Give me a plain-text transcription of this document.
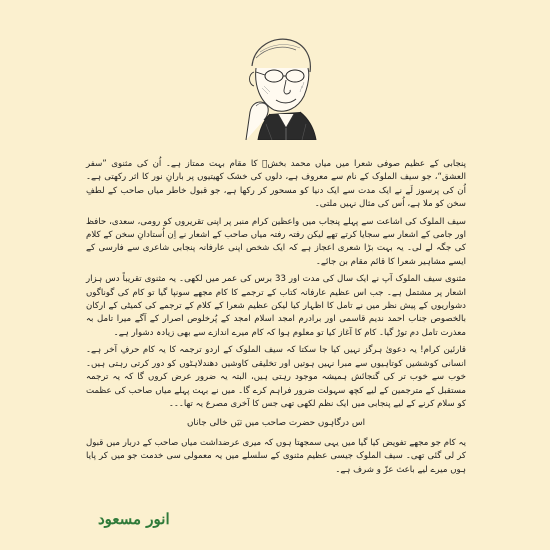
پنجابی کے عظیم صوفی شعرا میں میاں محمد بخشؒ کا مقام بہت ممتاز ہے۔ اُن کی مثنوی ”سفر العشق“، جو سیف الملوک کے نام سے معروف ہے، دلوں کی خشک کھیتیوں پر بارانِ نور کا اثر رکھتی ہے۔ اُن کی پرسوز لَے نے ایک مدت سے ایک دنیا کو مسحور کر رکھا ہے، جو قبول خاطر میاں صاحب کے لطفِ سخن کو ملا ہے، اُس کی مثال نہیں ملتی۔

سیف الملوک کی اشاعت سے پہلے پنجاب میں واعظین کرام منبر پر اپنی تقریروں کو رومی، سعدی، حافظ اور جامی کے اشعار سے سجایا کرتے تھے لیکن رفتہ رفتہ میاں صاحب کے اشعار نے اِن اُستادانِ سخن کے کلام کی جگہ لے لی۔ یہ بہت بڑا شعری اعجاز ہے کہ ایک شخص اپنی عارفانہ پنجابی شاعری سے فارسی کے ایسے مشاہیر شعرا کا قائم مقام بن جائے۔

مثنوی سیف الملوک آپ نے ایک سال کی مدت اور 33 برس کی عمر میں لکھی۔ یہ مثنوی تقریباً دس ہزار اشعار پر مشتمل ہے۔ جب اس عظیم عارفانہ کتاب کے ترجمے کا کام مجھے سونپا گیا تو کام کی گوناگوں دشواریوں کے پیش نظر میں نے تامل کا اظہار کیا لیکن عظیم شعرا کے کلام کے ترجمے کی کمیٹی کے ارکان بالخصوص جناب احمد ندیم قاسمی اور برادرم امجد اسلام امجد کے پُرخلوص اصرار کے آگے میرا تامل بہ معذرت تامل دم توڑ گیا۔ کام کا آغاز کیا تو معلوم ہوا کہ کام میرے اندازے سے بھی زیادہ دشوار ہے۔

قارئین کرام! یہ دعویٰ ہرگز نہیں کیا جا سکتا کہ سیف الملوک کے اردو ترجمہ کا یہ کام حرفِ آخر ہے۔ انسانی کوششیں کوتاہیوں سے مبرا نہیں ہوتیں اور تخلیقی کاوشیں دھندلاہٹوں کو دور کرتی رہتی ہیں۔ خوب سے خوب تر کی گنجائش ہمیشہ موجود رہتی ہیں، البتہ یہ ضرور عرض کروں گا کہ یہ ترجمہ مستقبل کے مترجمین کے لیے کچھ سہولت ضرور فراہم کرے گا۔ میں نے بہت پہلے میاں صاحب کی عظمت کو سلام کرنے کے لیے پنجابی میں ایک نظم لکھی تھی جس کا آخری مصرع یہ تھا۔۔۔

اس درگاہوں حضرت صاحب میں تیَں خالی جاناں

یہ کام جو مجھے تفویض کیا گیا میں یہی سمجھتا ہوں کہ میری عرضداشت میاں صاحب کے دربار میں قبول کر لی گئی تھی۔ سیف الملوک جیسی عظیم مثنوی کے سلسلے میں یہ معمولی سی خدمت جو میں کر پایا ہوں میرے لیے باعث عزّ و شرف ہے۔

انور مسعود
